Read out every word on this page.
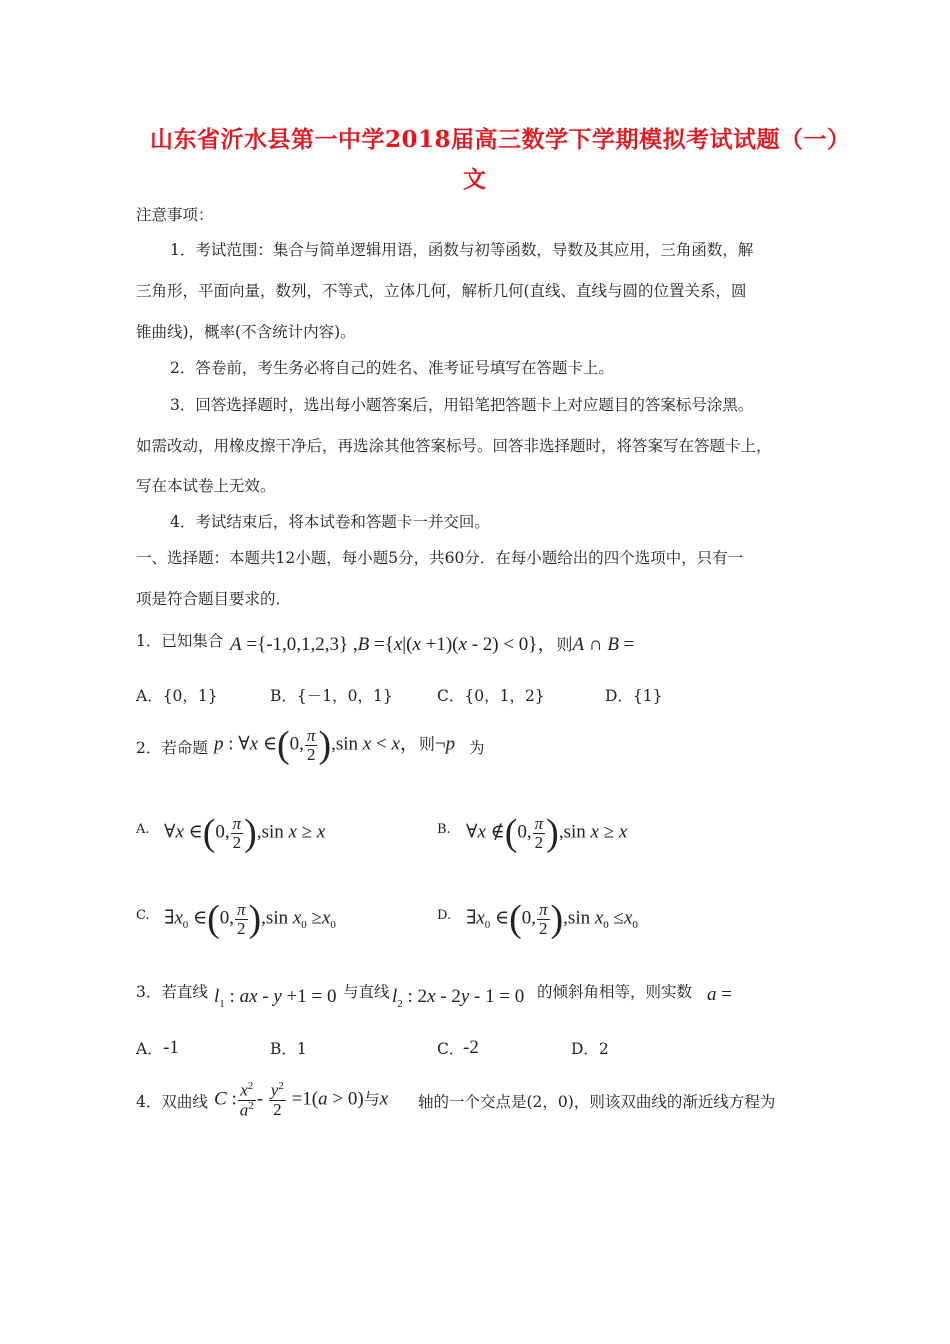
山东省沂水县第一中学2018届高三数学下学期模拟考试试题（一）
文
注意事项：
1．考试范围：集合与简单逻辑用语，函数与初等函数，导数及其应用，三角函数，解
三角形，平面向量，数列，不等式，立体几何，解析几何(直线、直线与圆的位置关系，圆
锥曲线)，概率(不含统计内容)。
2．答卷前，考生务必将自己的姓名、准考证号填写在答题卡上。
3．回答选择题时，选出每小题答案后，用铅笔把答题卡上对应题目的答案标号涂黑。
如需改动，用橡皮擦干净后，再选涂其他答案标号。回答非选择题时，将答案写在答题卡上，
写在本试卷上无效。
4．考试结束后，将本试卷和答题卡一并交回。
一、选择题：本题共12小题，每小题5分，共60分．在每小题给出的四个选项中，只有一
项是符合题目要求的．
1．已知集合 A ={-1,0,1,2,3} ,B ={x|(x +1)(x - 2) < 0}，则A ∩ B =
A．{0，1}	B．{－1，0，1}	C．{0，1，2}	D．{1}
2．若命题 p : ∀x ∈(0, $\frac{\pi}{2} ),\sin$ x < x，则¬p 为
A. ∀x ∈(0, $\frac{\pi}{2} ),\sin$ x ≥ x	B. ∀x ∉(0, $\frac{\pi}{2} ),\sin$ x ≥ x
C. $\exists x_0$ ∈(0, $\frac{\pi}{2} ),\sin$ $x_0 \ge x_0$
D. $\exists x_0$ ∈(0, $\frac{\pi}{2} ),\sin$ $x_0 \le x_0$
3．若直线 $l_1$ : ax - y +1 = 0 与直线 $l_2$ : 2x - 2y - 1 = 0 的倾斜角相等，则实数 a =
A． -1	B．1	C．
-2	D．2
4．双曲线 C : $\frac{x^2}{a^2} - \frac{y^2}{2} =1(a > 0)$与x 轴的一个交点是(2，0)，则该双曲线的渐近线方程为
